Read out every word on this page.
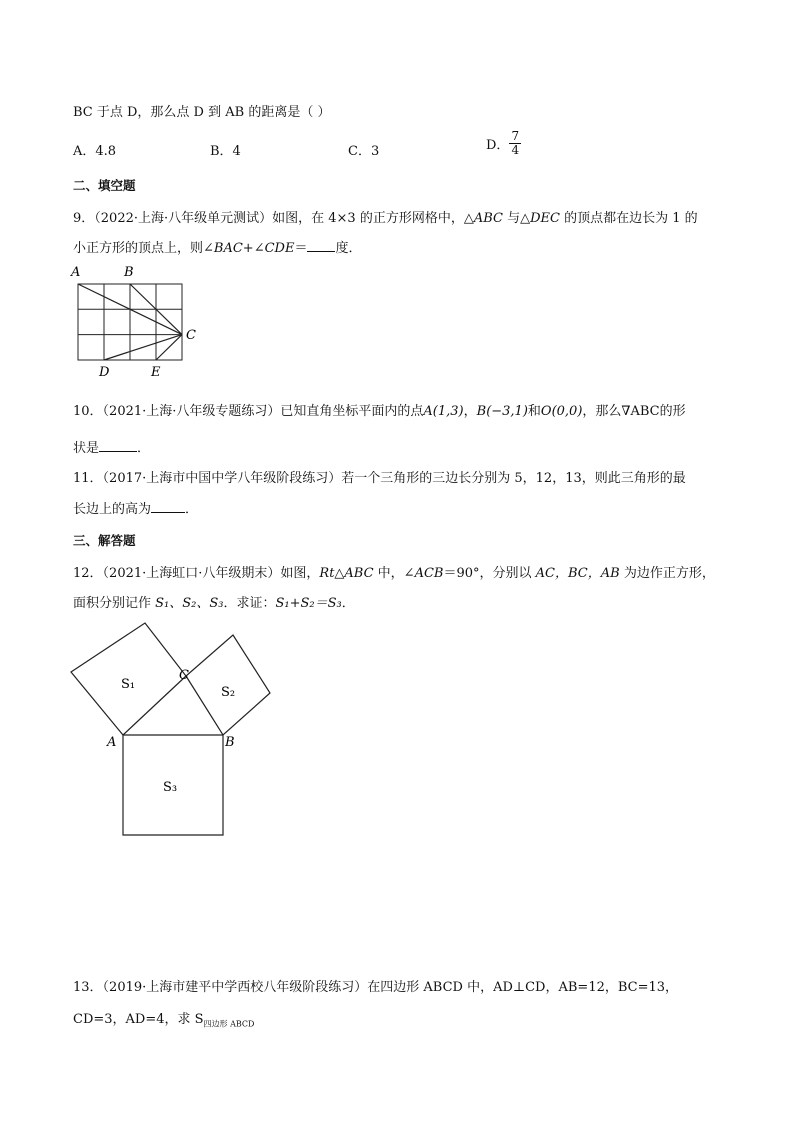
BC 于点 D，那么点 D 到 AB 的距离是（ ）
A．4.8	B．4	C．3	D． $\frac{7}{4}$
二、填空题
9．（2022·上海·八年级单元测试）如图，在 4×3 的正方形网格中，△ABC 与△DEC 的顶点都在边长为 1 的
小正方形的顶点上，则∠BAC+∠CDE＝ 度．
A	B
C
D	E
10．（2021·上海·八年级专题练习）已知直角坐标平面内的点A(1,3)，B(−3,1)和O(0,0)，那么∇ABC的形
状是	．
11．（2017·上海市中国中学八年级阶段练习）若一个三角形的三边长分别为 5，12，13，则此三角形的最
长边上的高为	．
三、解答题
12．（2021·上海虹口·八年级期末）如图，Rt△ABC 中，∠ACB＝90°，分别以 AC，BC，AB 为边作正方形，
面积分别记作 S₁、S₂、S₃．求证：S₁+S₂＝S₃．
S₁
S₂
S₃
C
A	B
13．（2019·上海市建平中学西校八年级阶段练习）在四边形 ABCD 中，AD⊥CD，AB=12，BC=13，
CD=3，AD=4，求 $S_{四边形 ABCD}$
